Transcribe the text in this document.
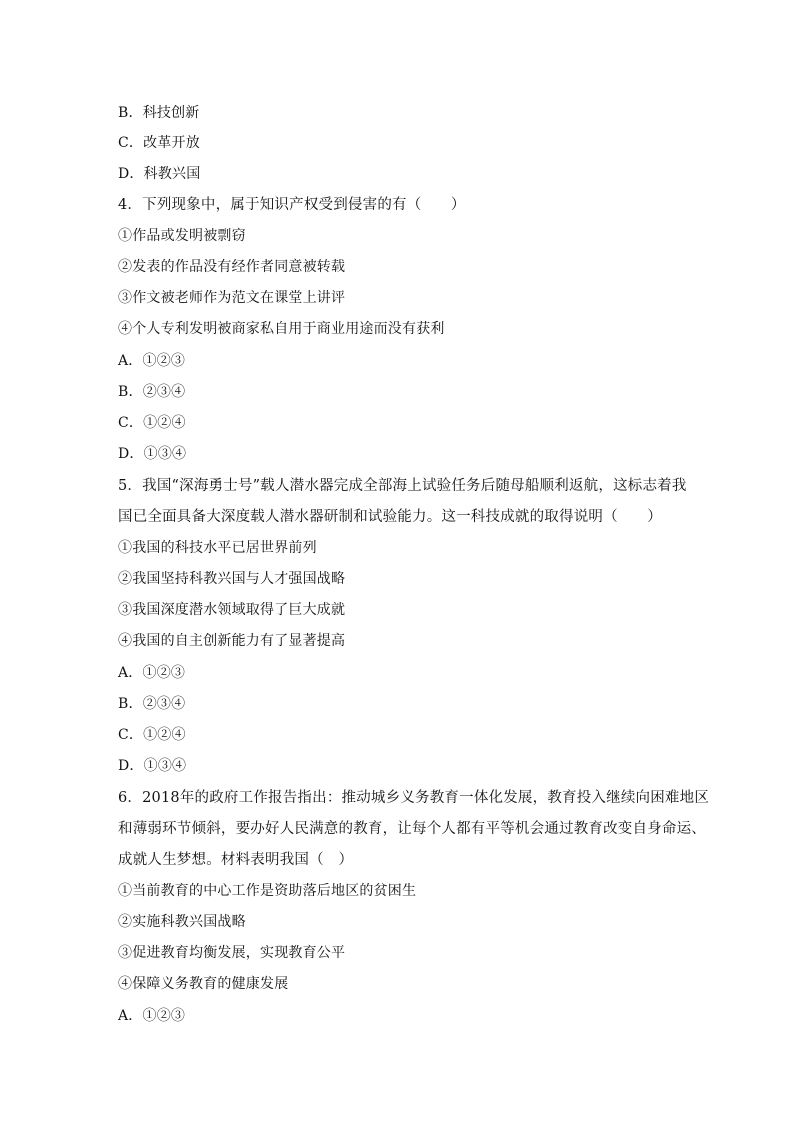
B．科技创新
C．改革开放
D．科教兴国
4．下列现象中，属于知识产权受到侵害的有（　　）
①作品或发明被剽窃
②发表的作品没有经作者同意被转载
③作文被老师作为范文在课堂上讲评
④个人专利发明被商家私自用于商业用途而没有获利
A．①②③
B．②③④
C．①②④
D．①③④
5．我国“深海勇士号”载人潜水器完成全部海上试验任务后随母船顺利返航，这标志着我
国已全面具备大深度载人潜水器研制和试验能力。这一科技成就的取得说明（　　）
①我国的科技水平已居世界前列
②我国坚持科教兴国与人才强国战略
③我国深度潜水领域取得了巨大成就
④我国的自主创新能力有了显著提高
A．①②③
B．②③④
C．①②④
D．①③④
6．2018年的政府工作报告指出：推动城乡义务教育一体化发展，教育投入继续向困难地区
和薄弱环节倾斜，要办好人民满意的教育，让每个人都有平等机会通过教育改变自身命运、
成就人生梦想。材料表明我国（　）
①当前教育的中心工作是资助落后地区的贫困生
②实施科教兴国战略
③促进教育均衡发展，实现教育公平
④保障义务教育的健康发展
A．①②③
